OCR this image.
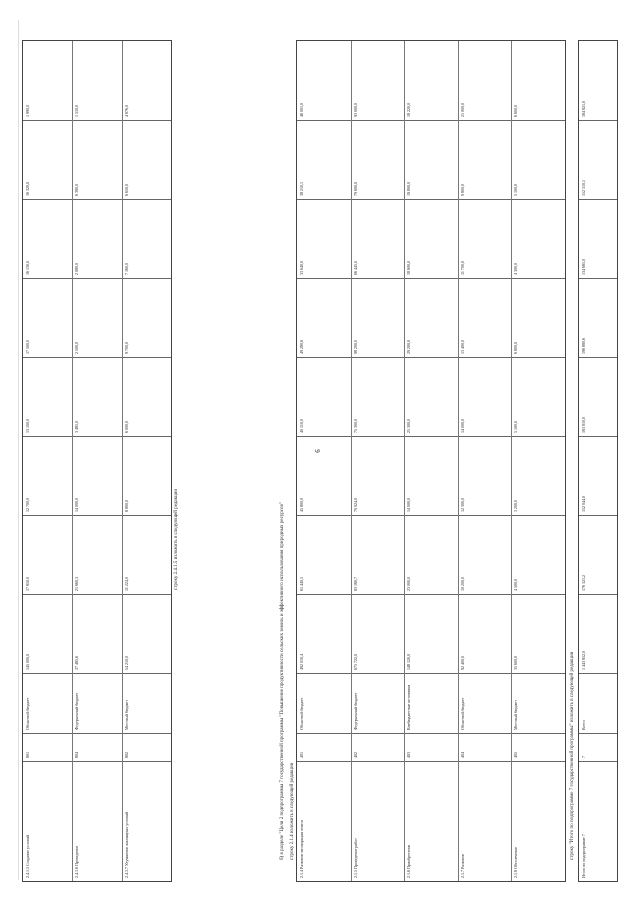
6
строку 2.4.1.5 изложить в следующей редакции	б) в разделе "Цели 2 подпрограммы 7 государственной программы "Повышение продуктивности сельских земель и эффективного использования природных ресурсов" строку 2.1.4 изложить в следующей редакции	строку "Итого по подпрограмме 7 государственной программы" изложить в следующей редакции
2.4.1.5 Создание условий
801
Областной бюджет
145 000,0
17 850,0
12 700,0
13 100,0
17 500,0
16 130,0
16 320,0
1 990,0
2.4.1.6 Проведение
804
Федеральный бюджет
37 485,6
21 660,3
14 000,0
3 485,0
2 500,0
2 080,0
6 390,0
1 510,0
2.4.1.7 Улучшение жилищных условий
802
Местный бюджет
54 210,0
11 224,0
8 800,0
6 000,0
9 700,0
7 160,0
6 650,0
4 676,0
2.1.4 Развитие мелиорации земель
401
Областной бюджет
492 010,4
61 440,5
45 800,0
40 110,0
49 280,6
33 640,0
38 210,1
46 001,0
2.1.5 Проведение работ
402
Федеральный бюджет
675 722,0
83 180,7
70 024,0
75 300,0
98 200,0
66 445,0
79 600,0
93 000,0
2.1.6 Приобретение
403
Внебюджетные источники
148 120,0
23 000,0
14 000,0
25 300,0
29 200,0
18 600,0
19 800,0
18 220,0
2.1.7 Развитие
404
Областной бюджет
92 400,0
10 200,0
12 300,0
14 000,0
13 400,0
11 700,0
9 800,0
21 000,0
2.1.8 Обеспечение
405
Местный бюджет
35 600,0
4 500,0
3 200,0
5 100,0
6 800,0
4 300,0
5 100,0
6 600,0
Итого по подпрограмме 7
7
Всего
1 443 852,0
176 321,2
152 044,0
163 810,0
196 880,6
134 685,0
152 510,1
184 821,0
